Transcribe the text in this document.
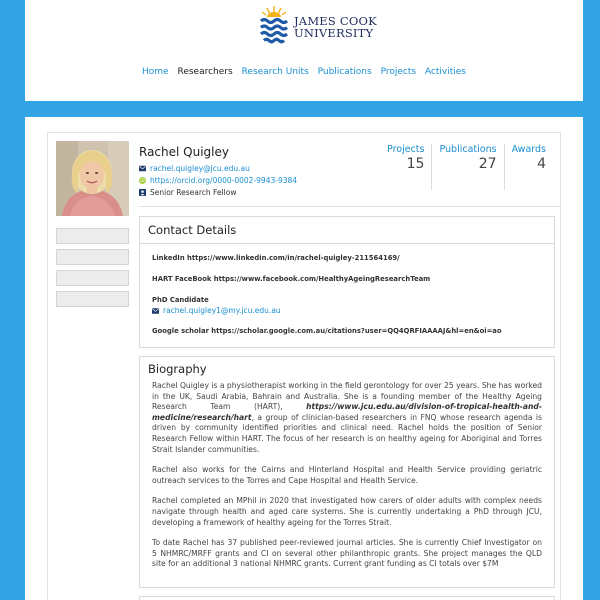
JAMES COOK
UNIVERSITY
Home Researchers Research Units Publications Projects Activities
Rachel Quigley
rachel.quigley@jcu.edu.au
iD https://orcid.org/0000-0002-9943-9384
Senior Research Fellow
Projects
15
Publications
27
Awards
4
Contact Details
LinkedIn https://www.linkedin.com/in/rachel-quigley-211564169/
HART FaceBook https://www.facebook.com/HealthyAgeingResearchTeam
PhD Candidate
rachel.quigley1@my.jcu.edu.au
Google scholar https://scholar.google.com.au/citations?user=QQ4QRFIAAAAJ&hl=en&oi=ao
Biography

Rachel Quigley is a physiotherapist working in the field gerontology for over 25 years. She has worked in the UK, Saudi Arabia, Bahrain and Australia. She is a founding member of the Healthy Ageing Research Team (HART), https://www.jcu.edu.au/division-of-tropical-health-and-medicine/research/hart, a group of clinician-based researchers in FNQ whose research agenda is driven by community identified priorities and clinical need. Rachel holds the position of Senior Research Fellow within HART. The focus of her research is on healthy ageing for Aboriginal and Torres Strait Islander communities.

Rachel also works for the Cairns and Hinterland Hospital and Health Service providing geriatric outreach services to the Torres and Cape Hospital and Health Service.

Rachel completed an MPhil in 2020 that investigated how carers of older adults with complex needs navigate through health and aged care systems. She is currently undertaking a PhD through JCU, developing a framework of healthy ageing for the Torres Strait.

To date Rachel has 37 published peer-reviewed journal articles. She is currently Chief Investigator on 5 NHMRC/MRFF grants and CI on several other philanthropic grants. She project manages the QLD site for an additional 3 national NHMRC grants. Current grant funding as CI totals over $7M
